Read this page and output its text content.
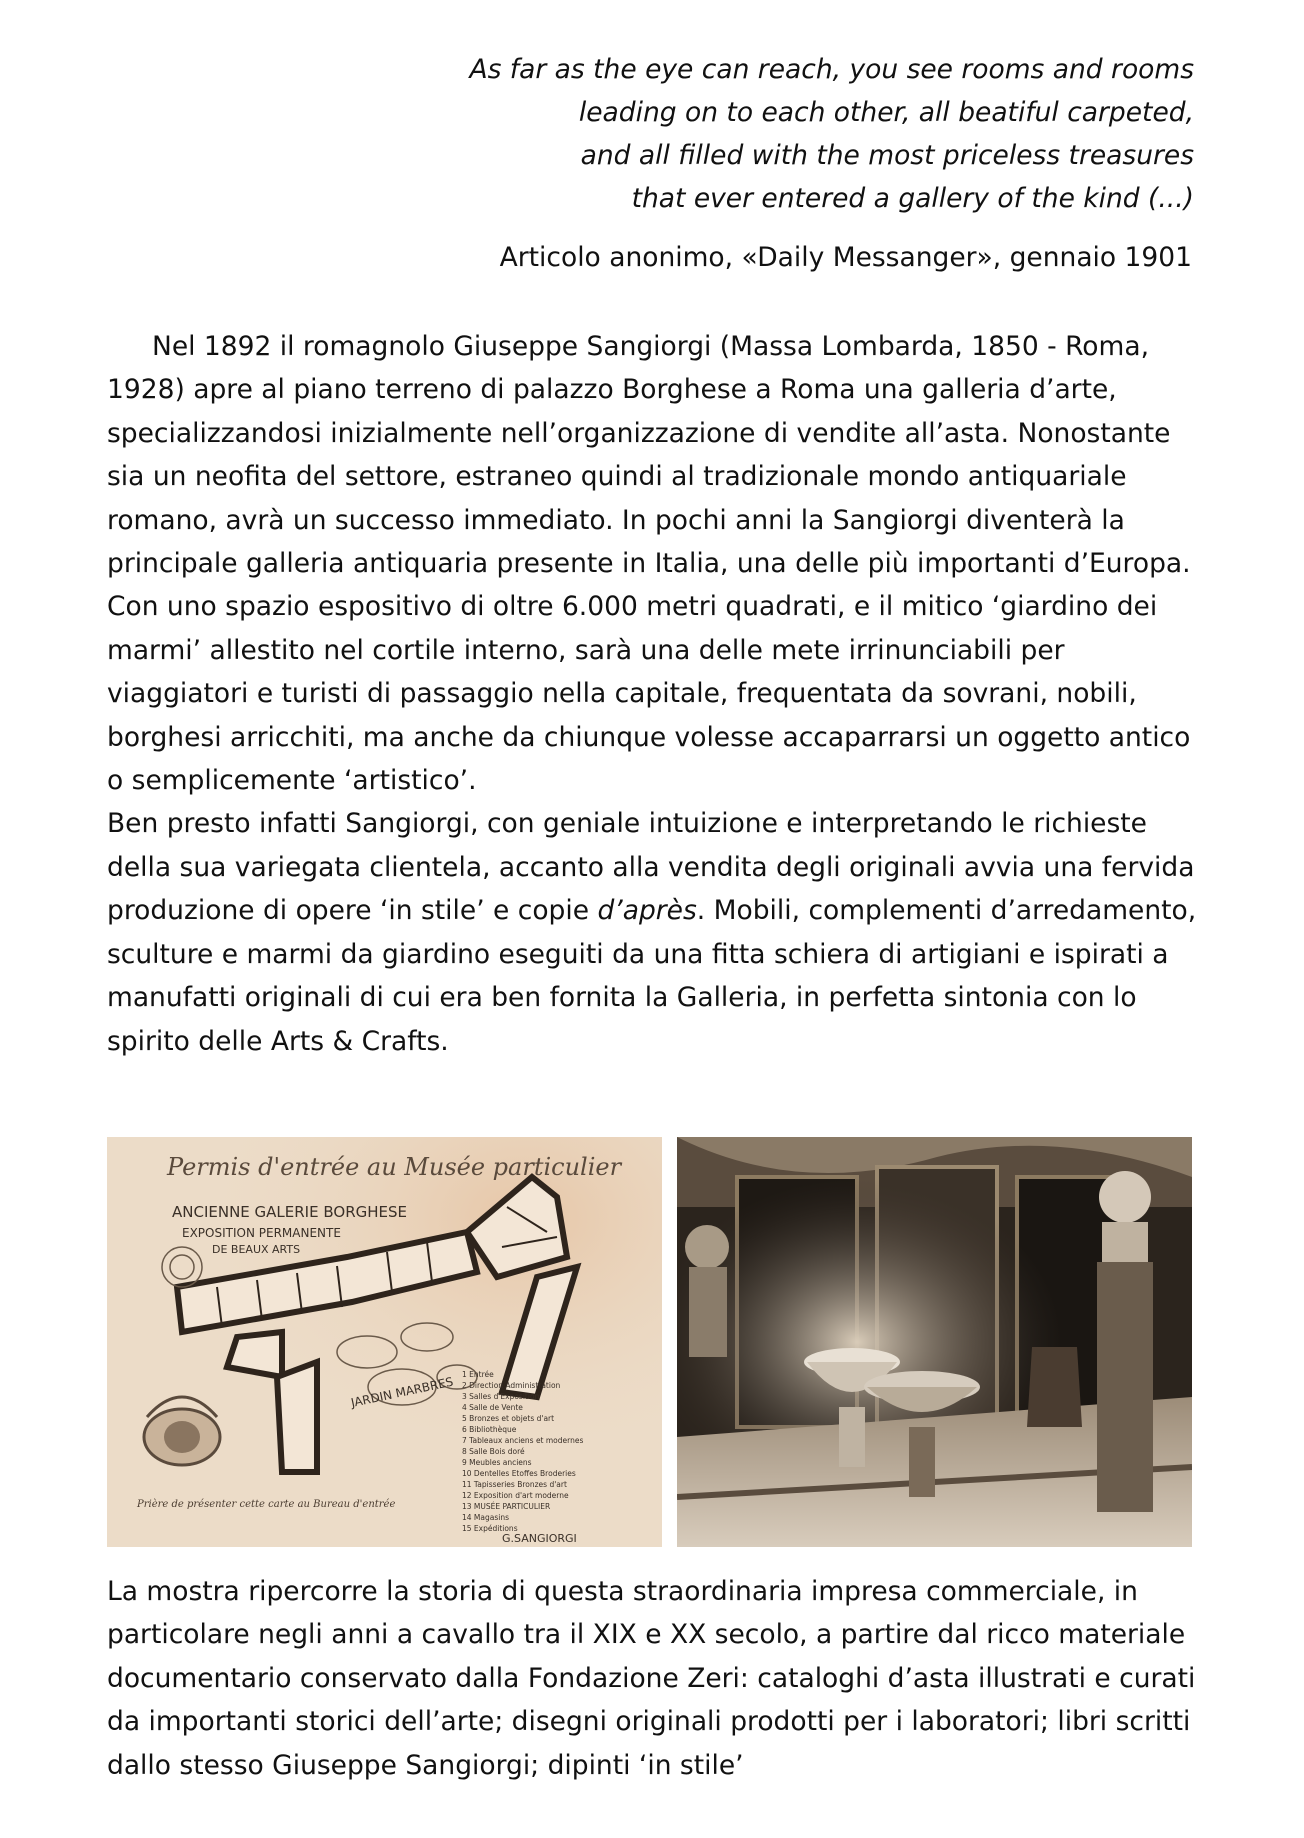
As far as the eye can reach, you see rooms and rooms
leading on to each other, all beatiful carpeted,
and all filled with the most priceless treasures
that ever entered a gallery of the kind (...)
Articolo anonimo, «Daily Messanger», gennaio 1901

Nel 1892 il romagnolo Giuseppe Sangiorgi (Massa Lombarda, 1850 - Roma, 1928) apre al piano terreno di palazzo Borghese a Roma una galleria d’arte, specializzandosi inizialmente nell’organizzazione di vendite all’asta. Nonostante sia un neofita del settore, estraneo quindi al tradizionale mondo antiquariale romano, avrà un successo immediato. In pochi anni la Sangiorgi diventerà la principale galleria antiquaria presente in Italia, una delle più importanti d’Europa. Con uno spazio espositivo di oltre 6.000 metri quadrati, e il mitico ‘giardino dei marmi’ allestito nel cortile interno, sarà una delle mete irrinunciabili per viaggiatori e turisti di passaggio nella capitale, frequentata da sovrani, nobili, borghesi arricchiti, ma anche da chiunque volesse accaparrarsi un oggetto antico o semplicemente ‘artistico’.

Ben presto infatti Sangiorgi, con geniale intuizione e interpretando le richieste della sua variegata clientela, accanto alla vendita degli originali avvia una fervida produzione di opere ‘in stile’ e copie d’après. Mobili, complementi d’arredamento, sculture e marmi da giardino eseguiti da una fitta schiera di artigiani e ispirati a manufatti originali di cui era ben fornita la Galleria, in perfetta sintonia con lo spirito delle Arts & Crafts.

Permis d'entrée au Musée particulier
ANCIENNE GALERIE BORGHESE
EXPOSITION PERMANENTE
DE BEAUX ARTS
JARDIN MARBRES
Prière de présenter cette carte au Bureau d'entrée
1 Entrée
2 Direction Administration
3 Salles d'Exposition
4 Salle de Vente
5 Bronzes et objets d'art
6 Bibliothèque
7 Tableaux anciens et modernes
8 Salle Bois doré
9 Meubles anciens
10 Dentelles Etoffes Broderies
11 Tapisseries Bronzes d'art
12 Exposition d'art moderne
13 MUSÉE PARTICULIER
14 Magasins
15 Expéditions
G.SANGIORGI

La mostra ripercorre la storia di questa straordinaria impresa commerciale, in particolare negli anni a cavallo tra il XIX e XX secolo, a partire dal ricco materiale documentario conservato dalla Fondazione Zeri: cataloghi d’asta illustrati e curati da importanti storici dell’arte; disegni originali prodotti per i laboratori; libri scritti dallo stesso Giuseppe Sangiorgi; dipinti ‘in stile’
